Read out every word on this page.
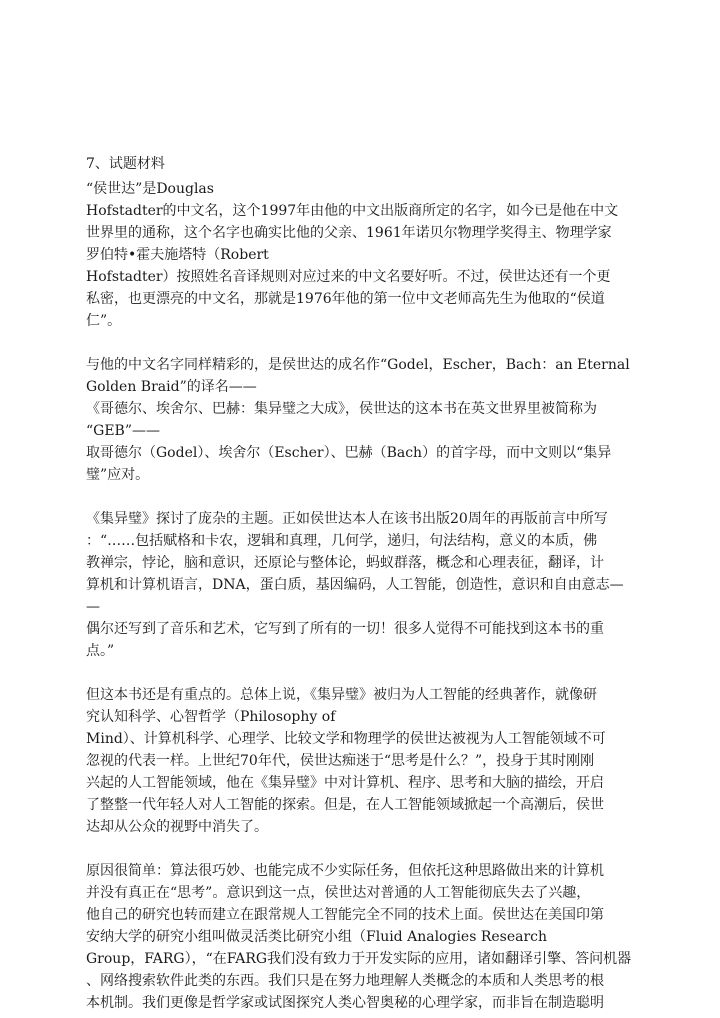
7、试题材料
“侯世达”是Douglas
Hofstadter的中文名，这个1997年由他的中文出版商所定的名字，如今已是他在中文
世界里的通称，这个名字也确实比他的父亲、1961年诺贝尔物理学奖得主、物理学家
罗伯特•霍夫施塔特（Robert
Hofstadter）按照姓名音译规则对应过来的中文名要好听。不过，侯世达还有一个更
私密，也更漂亮的中文名，那就是1976年他的第一位中文老师高先生为他取的“侯道
仁”。
与他的中文名字同样精彩的，是侯世达的成名作“Godel，Escher，Bach：an Eternal
Golden Braid”的译名——
《哥德尔、埃舍尔、巴赫：集异璧之大成》，侯世达的这本书在英文世界里被简称为
“GEB”——
取哥德尔（Godel）、埃舍尔（Escher）、巴赫（Bach）的首字母，而中文则以“集异
璧”应对。
《集异璧》探讨了庞杂的主题。正如侯世达本人在该书出版20周年的再版前言中所写
：“……包括赋格和卡农，逻辑和真理，几何学，递归，句法结构，意义的本质，佛
教禅宗，悖论，脑和意识，还原论与整体论，蚂蚁群落，概念和心理表征，翻译，计
算机和计算机语言，DNA，蛋白质，基因编码，人工智能，创造性，意识和自由意志—
—
偶尔还写到了音乐和艺术，它写到了所有的一切！很多人觉得不可能找到这本书的重
点。”
但这本书还是有重点的。总体上说，《集异璧》被归为人工智能的经典著作，就像研
究认知科学、心智哲学（Philosophy of
Mind）、计算机科学、心理学、比较文学和物理学的侯世达被视为人工智能领域不可
忽视的代表一样。上世纪70年代，侯世达痴迷于“思考是什么？”，投身于其时刚刚
兴起的人工智能领域，他在《集异璧》中对计算机、程序、思考和大脑的描绘，开启
了整整一代年轻人对人工智能的探索。但是，在人工智能领域掀起一个高潮后，侯世
达却从公众的视野中消失了。
原因很简单：算法很巧妙、也能完成不少实际任务，但依托这种思路做出来的计算机
并没有真正在“思考”。意识到这一点，侯世达对普通的人工智能彻底失去了兴趣，
他自己的研究也转而建立在跟常规人工智能完全不同的技术上面。侯世达在美国印第
安纳大学的研究小组叫做灵活类比研究小组（Fluid Analogies Research
Group，FARG），“在FARG我们没有致力于开发实际的应用，诸如翻译引擎、答问机器
、网络搜索软件此类的东西。我们只是在努力地理解人类概念的本质和人类思考的根
本机制。我们更像是哲学家或试图探究人类心智奥秘的心理学家，而非旨在制造聪明
